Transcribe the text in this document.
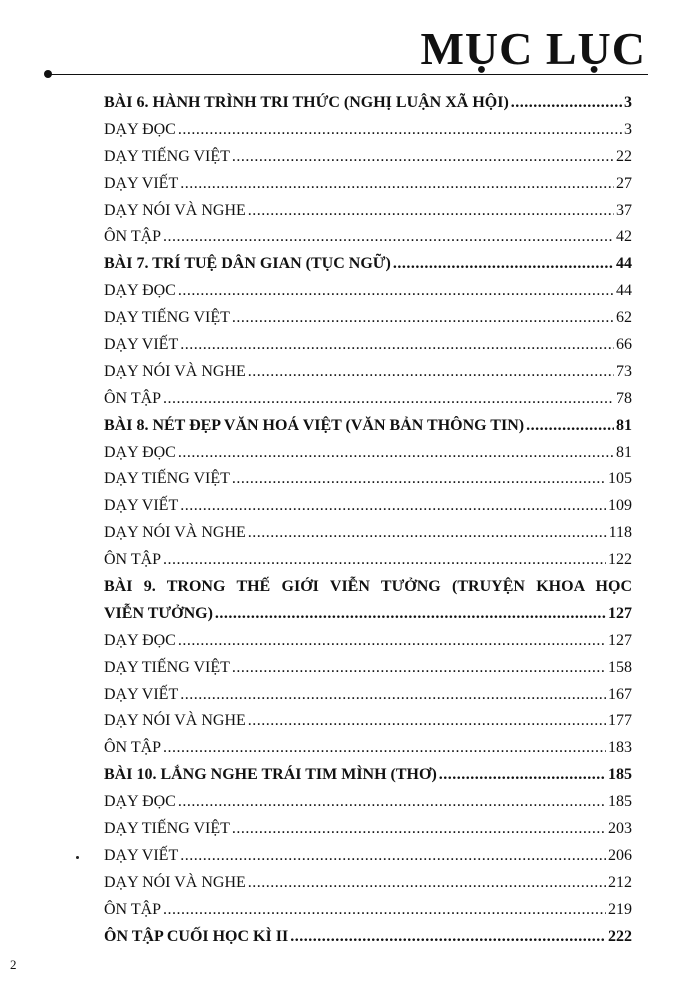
MỤC LỤC
BÀI 6. HÀNH TRÌNH TRI THỨC (NGHỊ LUẬN XÃ HỘI) .....	3
DẠY ĐỌC .....	3
DẠY TIẾNG VIỆT .....	22
DẠY VIẾT .....	27
DẠY NÓI VÀ NGHE .....	37
ÔN TẬP .....	42
BÀI 7. TRÍ TUỆ DÂN GIAN (TỤC NGỮ) .....	44
DẠY ĐỌC .....	44
DẠY TIẾNG VIỆT .....	62
DẠY VIẾT .....	66
DẠY NÓI VÀ NGHE .....	73
ÔN TẬP .....	78
BÀI 8. NÉT ĐẸP VĂN HOÁ VIỆT (VĂN BẢN THÔNG TIN) .....	81
DẠY ĐỌC .....	81
DẠY TIẾNG VIỆT .....	105
DẠY VIẾT .....	109
DẠY NÓI VÀ NGHE .....	118
ÔN TẬP .....	122
BÀI 9. TRONG THẾ GIỚI VIỄN TƯỞNG (TRUYỆN KHOA HỌC
VIỄN TƯỞNG) .....	127
DẠY ĐỌC .....	127
DẠY TIẾNG VIỆT .....	158
DẠY VIẾT .....	167
DẠY NÓI VÀ NGHE .....	177
ÔN TẬP .....	183
BÀI 10. LẮNG NGHE TRÁI TIM MÌNH (THƠ) .....	185
DẠY ĐỌC .....	185
DẠY TIẾNG VIỆT .....	203
DẠY VIẾT .....	206
DẠY NÓI VÀ NGHE .....	212
ÔN TẬP .....	219
ÔN TẬP CUỐI HỌC KÌ II .....	222
2
